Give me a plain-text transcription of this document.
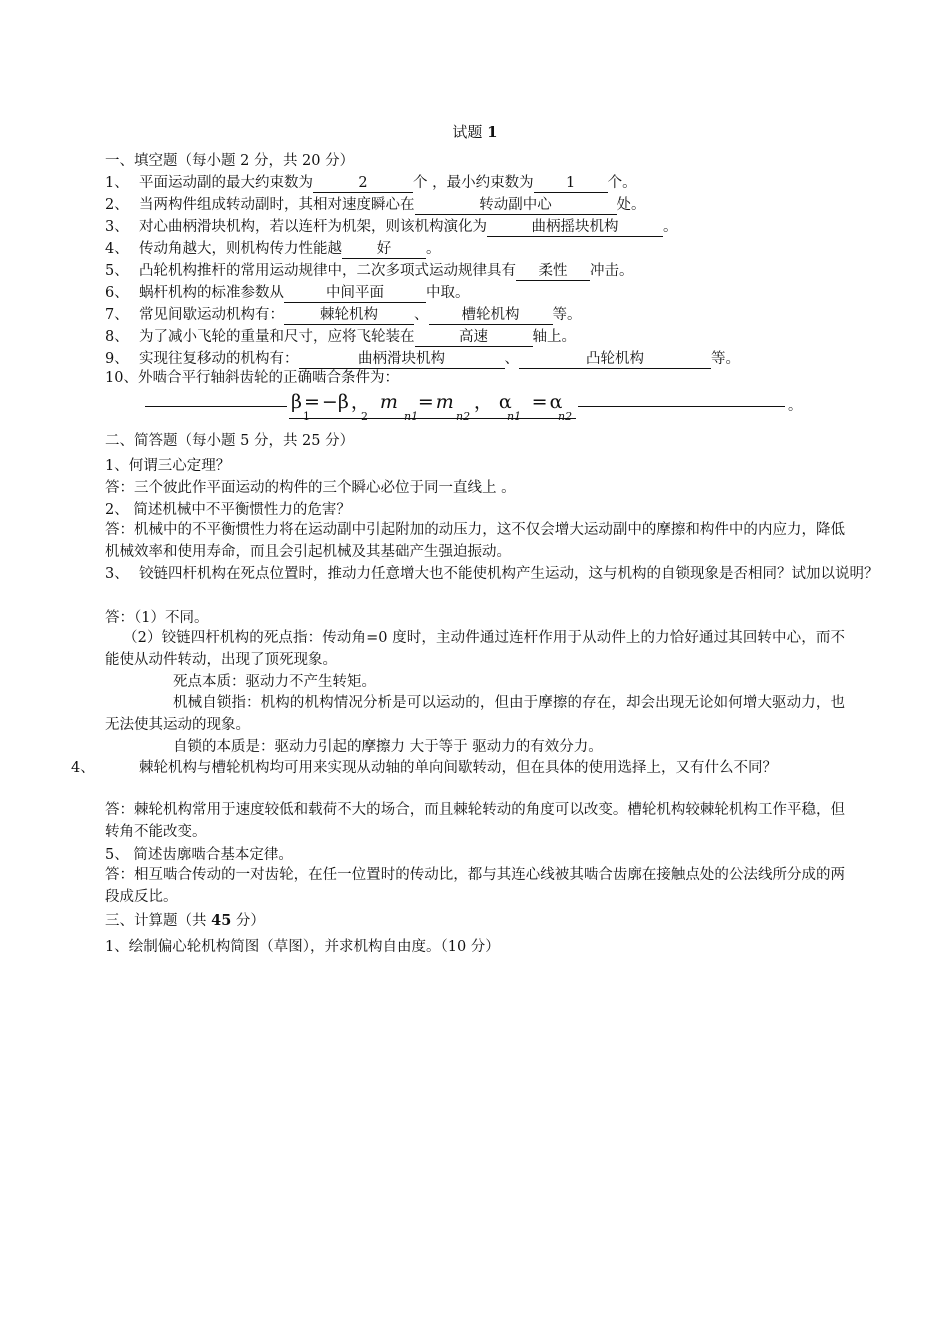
试题 1
一、填空题（每小题 2 分，共 20 分）
1、 平面运动副的最大约束数为	2	个 ，最小约束数为 1 个。
2、 当两构件组成转动副时，其相对速度瞬心在	转动副中心	处。
3、 对心曲柄滑块机构，若以连杆为机架，则该机构演化为	曲柄摇块机构	。
4、 传动角越大，则机构传力性能越 好 。
5、 凸轮机构推杆的常用运动规律中，二次多项式运动规律具有 柔性 冲击。
6、 蜗杆机构的标准参数从	中间平面	中取。
7、 常见间歇运动机构有： 棘轮机构 、 槽轮机构 等。
8、 为了减小飞轮的重量和尺寸，应将飞轮装在	高速	轴上。
9、 实现往复移动的机构有：	曲柄滑块机构	、	凸轮机构	等。
10、外啮合平行轴斜齿轮的正确啮合条件为：
β = −β ， m = m ， α = α
1	2	n1	n2	n1	n2
。
二、简答题（每小题 5 分，共 25 分）
1、何谓三心定理？
答：三个彼此作平面运动的构件的三个瞬心必位于同一直线上 。
2、 简述机械中不平衡惯性力的危害？
答：机械中的不平衡惯性力将在运动副中引起附加的动压力，这不仅会增大运动副中的摩擦和构件中的内应力，降低机械效率和使用寿命，而且会引起机械及其基础产生强迫振动。
3、 铰链四杆机构在死点位置时，推动力任意增大也不能使机构产生运动，这与机构的自锁现象是否相同？试加以说明？
答：（1）不同。
（2）铰链四杆机构的死点指：传动角=0 度时，主动件通过连杆作用于从动件上的力恰好通过其回转中心，而不能使从动件转动，出现了顶死现象。
死点本质：驱动力不产生转矩。
机械自锁指：机构的机构情况分析是可以运动的，但由于摩擦的存在，却会出现无论如何增大驱动力，也无法使其运动的现象。
自锁的本质是：驱动力引起的摩擦力 大于等于 驱动力的有效分力。
4、	棘轮机构与槽轮机构均可用来实现从动轴的单向间歇转动，但在具体的使用选择上，又有什么不同？
答：棘轮机构常用于速度较低和载荷不大的场合，而且棘轮转动的角度可以改变。槽轮机构较棘轮机构工作平稳，但转角不能改变。
5、 简述齿廓啮合基本定律。
答：相互啮合传动的一对齿轮，在任一位置时的传动比，都与其连心线被其啮合齿廓在接触点处的公法线所分成的两段成反比。
三、计算题（共 45 分）
1、绘制偏心轮机构简图（草图），并求机构自由度。（10 分）
